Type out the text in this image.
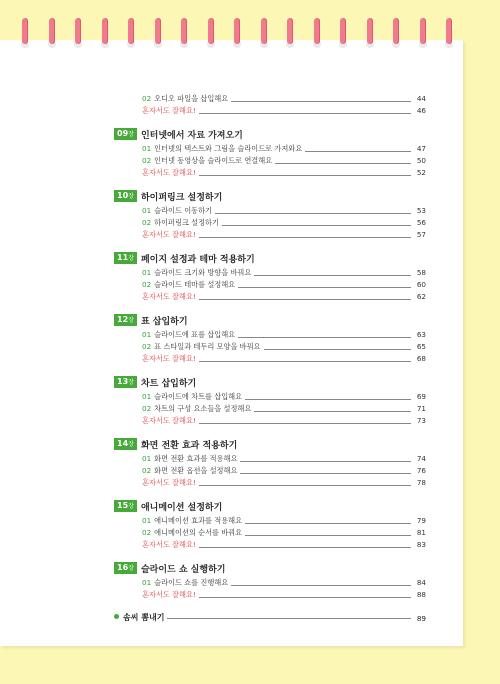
02 오디오 파일을 삽입해요	44
혼자서도 잘해요!	46
09장 인터넷에서 자료 가져오기
01 인터넷의 텍스트와 그림을 슬라이드로 가져와요	47
02 인터넷 동영상을 슬라이드로 연결해요	50
혼자서도 잘해요!	52
10장 하이퍼링크 설정하기
01 슬라이드 이동하기	53
02 하이퍼링크 설정하기	56
혼자서도 잘해요!	57
11장 페이지 설정과 테마 적용하기
01 슬라이드 크기와 방향을 바꿔요	58
02 슬라이드 테마를 설정해요	60
혼자서도 잘해요!	62
12장 표 삽입하기
01 슬라이드에 표를 삽입해요	63
02 표 스타일과 테두리 모양을 바꿔요	65
혼자서도 잘해요!	68
13장 차트 삽입하기
01 슬라이드에 차트를 삽입해요	69
02 차트의 구성 요소들을 설정해요	71
혼자서도 잘해요!	73
14장 화면 전환 효과 적용하기
01 화면 전환 효과를 적용해요	74
02 화면 전환 옵션을 설정해요	76
혼자서도 잘해요!	78
15장 애니메이션 설정하기
01 애니메이션 효과를 적용해요	79
02 애니메이션의 순서를 바꿔요	81
혼자서도 잘해요!	83
16장 슬라이드 쇼 실행하기
01 슬라이드 쇼를 진행해요	84
혼자서도 잘해요!	88
솜씨 뽐내기	89
